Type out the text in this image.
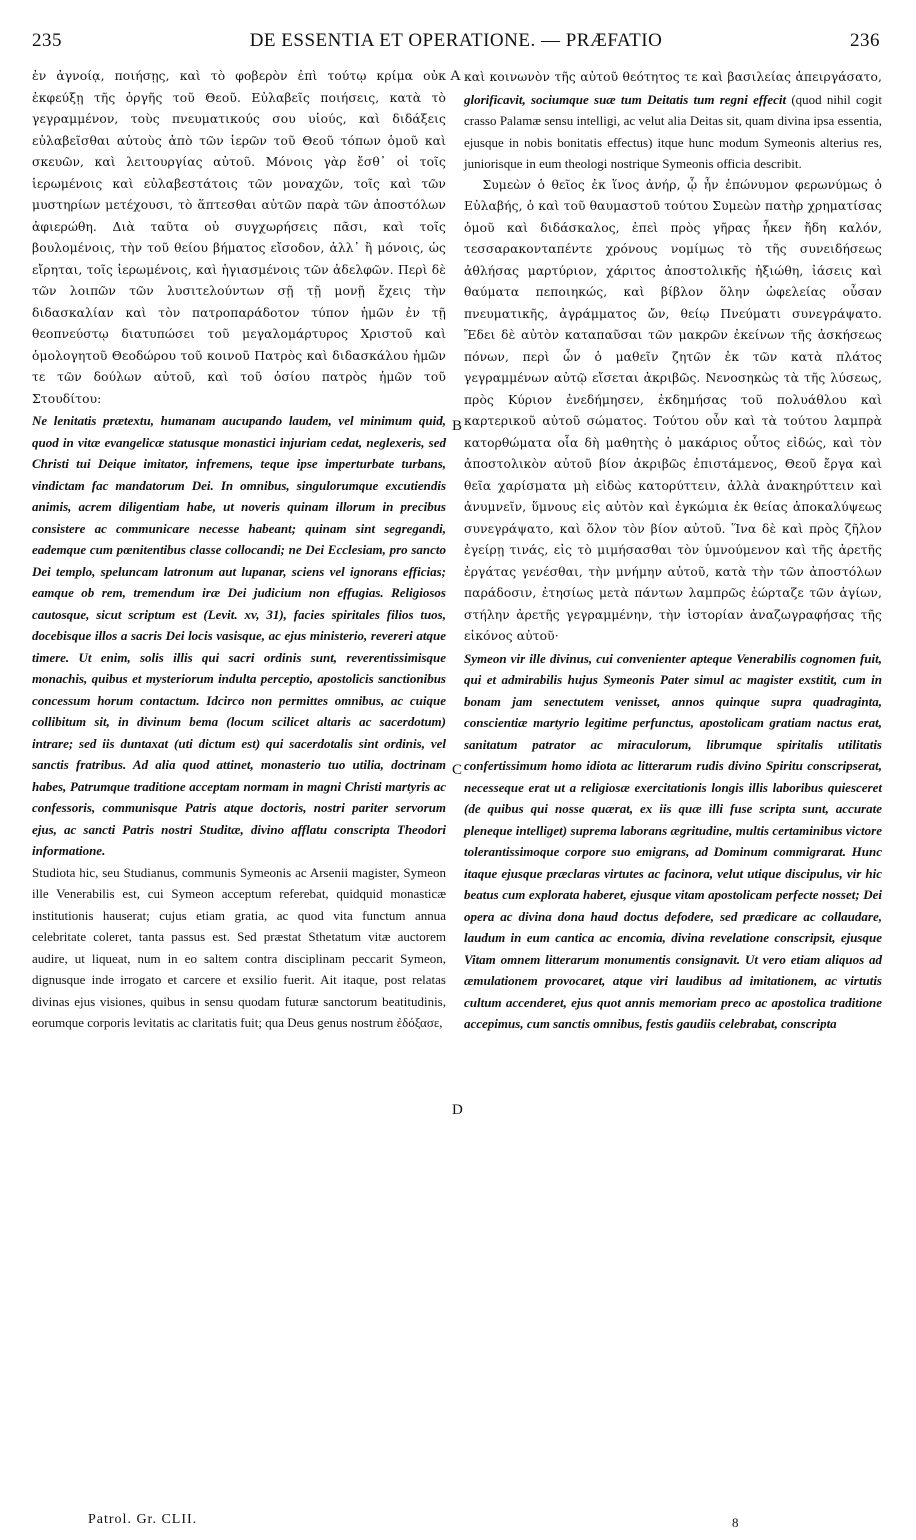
235	DE ESSENTIA ET OPERATIONE. — PRÆFATIO	236

ἐν ἀγνοίᾳ, ποιήσῃς, καὶ τὸ φοβερὸν ἐπὶ τούτῳ κρίμα οὐκ ἐκφεύξῃ τῆς ὀργῆς τοῦ Θεοῦ. Εὐλαβεῖς ποιήσεις, κατὰ τὸ γεγραμμένον, τοὺς πνευματικούς σου υἱούς, καὶ διδάξεις εὐλαβεῖσθαι αὐτοὺς ἀπὸ τῶν ἱερῶν τοῦ Θεοῦ τόπων ὁμοῦ καὶ σκευῶν, καὶ λειτουργίας αὐτοῦ. Μόνοις γὰρ ἔσθ᾽ οἱ τοῖς ἱερωμένοις καὶ εὐλαβεστάτοις τῶν μοναχῶν, τοῖς καὶ τῶν μυστηρίων μετέχουσι, τὸ ἅπτεσθαι αὐτῶν παρὰ τῶν ἀποστόλων ἀφιερώθη. Διὰ ταῦτα οὐ συγχωρήσεις πᾶσι, καὶ τοῖς βουλομένοις, τὴν τοῦ θείου βήματος εἴσοδον, ἀλλ᾽ ἢ μόνοις, ὡς εἴρηται, τοῖς ἱερωμένοις, καὶ ἡγιασμένοις τῶν ἀδελφῶν. Περὶ δὲ τῶν λοιπῶν τῶν λυσιτελούντων σῇ τῇ μονῇ ἔχεις τὴν διδασκαλίαν καὶ τὸν πατροπαράδοτον τύπον ἡμῶν ἐν τῇ θεοπνεύστῳ διατυπώσει τοῦ μεγαλομάρτυρος Χριστοῦ καὶ ὁμολογητοῦ Θεοδώρου τοῦ κοινοῦ Πατρὸς καὶ διδασκάλου ἡμῶν τε τῶν δούλων αὐτοῦ, καὶ τοῦ ὁσίου πατρὸς ἡμῶν τοῦ Στουδίτου:

Ne lenitatis prætextu, humanam aucupando laudem, vel minimum quid, quod in vitæ evangelicæ statusque monastici injuriam cedat, neglexeris, sed Christi tui Deique imitator, infremens, teque ipse imperturbate turbans, vindictam fac mandatorum Dei. In omnibus, singulorumque excutiendis animis, acrem diligentiam habe, ut noveris quinam illorum in precibus consistere ac communicare necesse habeant; quinam sint segregandi, eademque cum pœnitentibus classe collocandi; ne Dei Ecclesiam, pro sancto Dei templo, speluncam latronum aut lupanar, sciens vel ignorans efficias; eamque ob rem, tremendum iræ Dei judicium non effugias. Religiosos cautosque, sicut scriptum est (Levit. xv, 31), facies spiritales filios tuos, docebisque illos a sacris Dei locis vasisque, ac ejus ministerio, revereri atque timere. Ut enim, solis illis qui sacri ordinis sunt, reverentissimisque monachis, quibus et mysteriorum indulta perceptio, apostolicis sanctionibus concessum horum contactum. Idcirco non permittes omnibus, ac cuique collibitum sit, in divinum bema (locum scilicet altaris ac sacerdotum) intrare; sed iis duntaxat (uti dictum est) qui sacerdotalis sint ordinis, vel sanctis fratribus. Ad alia quod attinet, monasterio tuo utilia, doctrinam habes, Patrumque traditione acceptam normam in magni Christi martyris ac confessoris, communisque Patris atque doctoris, nostri pariter servorum ejus, ac sancti Patris nostri Studitæ, divino afflatu conscripta Theodori informatione.

Studiota hic, seu Studianus, communis Symeonis ac Arsenii magister, Symeon ille Venerabilis est, cui Symeon acceptum referebat, quidquid monasticæ institutionis hauserat; cujus etiam gratia, ac quod vita functum annua celebritate coleret, tanta passus est. Sed præstat Sthetatum vitæ auctorem audire, ut liqueat, num in eo saltem contra disciplinam peccarit Symeon, dignusque inde irrogato et carcere et exsilio fuerit. Ait itaque, post relatas divinas ejus visiones, quibus in sensu quodam futuræ sanctorum beatitudinis, eorumque corporis levitatis ac claritatis fuit; qua Deus genus nostrum ἐδόξασε,

A
B
C
D

καὶ κοινωνὸν τῆς αὐτοῦ θεότητος τε καὶ βασιλείας ἀπειργάσατο, glorificavit, sociumque suæ tum Deitatis tum regni effecit (quod nihil cogit crasso Palamæ sensu intelligi, ac velut alia Deitas sit, quam divina ipsa essentia, ejusque in nobis bonitatis effectus) itque hunc modum Symeonis alterius res, juniorisque in eum theologi nostrique Symeonis officia describit.

Συμεὼν ὁ θεῖος ἐκ ἵνος ἀνήρ, ᾧ ἦν ἐπώνυμον φερωνύμως ὁ Εὐλαβής, ὁ καὶ τοῦ θαυμαστοῦ τούτου Συμεὼν πατὴρ χρηματίσας ὁμοῦ καὶ διδάσκαλος, ἐπεὶ πρὸς γῆρας ἧκεν ἤδη καλόν, τεσσαρακονταπέντε χρόνους νομίμως τὸ τῆς συνειδήσεως ἀθλήσας μαρτύριον, χάριτος ἀποστολικῆς ἠξιώθη, ἰάσεις καὶ θαύματα πεποιηκώς, καὶ βίβλον ὅλην ὠφελείας οὖσαν πνευματικῆς, ἀγράμματος ὤν, θείῳ Πνεύματι συνεγράψατο. Ἔδει δὲ αὐτὸν καταπαῦσαι τῶν μακρῶν ἐκείνων τῆς ἀσκήσεως πόνων, περὶ ὧν ὁ μαθεῖν ζητῶν ἐκ τῶν κατὰ πλάτος γεγραμμένων αὐτῷ εἴσεται ἀκριβῶς. Νενοσηκὼς τὰ τῆς λύσεως, πρὸς Κύριον ἐνεδήμησεν, ἐκδημήσας τοῦ πολυάθλου καὶ καρτερικοῦ αὐτοῦ σώματος. Τούτου οὖν καὶ τὰ τούτου λαμπρὰ κατορθώματα οἷα δὴ μαθητὴς ὁ μακάριος οὗτος εἰδώς, καὶ τὸν ἀποστολικὸν αὐτοῦ βίον ἀκριβῶς ἐπιστάμενος, Θεοῦ ἔργα καὶ θεῖα χαρίσματα μὴ εἰδὼς κατορύττειν, ἀλλὰ ἀνακηρύττειν καὶ ἀνυμνεῖν, ὕμνους εἰς αὐτὸν καὶ ἐγκώμια ἐκ θείας ἀποκαλύψεως συνεγράψατο, καὶ ὅλον τὸν βίον αὐτοῦ. Ἵνα δὲ καὶ πρὸς ζῆλον ἐγείρῃ τινάς, εἰς τὸ μιμήσασθαι τὸν ὑμνούμενον καὶ τῆς ἀρετῆς ἐργάτας γενέσθαι, τὴν μνήμην αὐτοῦ, κατὰ τὴν τῶν ἀποστόλων παράδοσιν, ἐτησίως μετὰ πάντων λαμπρῶς ἑώρταζε τῶν ἁγίων, στήλην ἀρετῆς γεγραμμένην, τὴν ἱστορίαν ἀναζωγραφήσας τῆς εἰκόνος αὐτοῦ·

Symeon vir ille divinus, cui convenienter apteque Venerabilis cognomen fuit, qui et admirabilis hujus Symeonis Pater simul ac magister exstitit, cum in bonam jam senectutem venisset, annos quinque supra quadraginta, conscientiæ martyrio legitime perfunctus, apostolicam gratiam nactus erat, sanitatum patrator ac miraculorum, librumque spiritalis utilitatis confertissimum homo idiota ac litterarum rudis divino Spiritu conscripserat, necesseque erat ut a religiosæ exercitationis longis illis laboribus quiesceret (de quibus qui nosse quærat, ex iis quæ illi fuse scripta sunt, accurate pleneque intelliget) suprema laborans ægritudine, multis certaminibus victore tolerantissimoque corpore suo emigrans, ad Dominum commigrarat. Hunc itaque ejusque præclaras virtutes ac facinora, velut utique discipulus, vir hic beatus cum explorata haberet, ejusque vitam apostolicam perfecte nosset; Dei opera ac divina dona haud doctus defodere, sed prædicare ac collaudare, laudum in eum cantica ac encomia, divina revelatione conscripsit, ejusque Vitam omnem litterarum monumentis consignavit. Ut vero etiam aliquos ad æmulationem provocaret, atque viri laudibus ad imitationem, ac virtutis cultum accenderet, ejus quot annis memoriam preco ac apostolica traditione accepimus, cum sanctis omnibus, festis gaudiis celebrabat, conscripta

Patrol. Gr. CLII.	8
